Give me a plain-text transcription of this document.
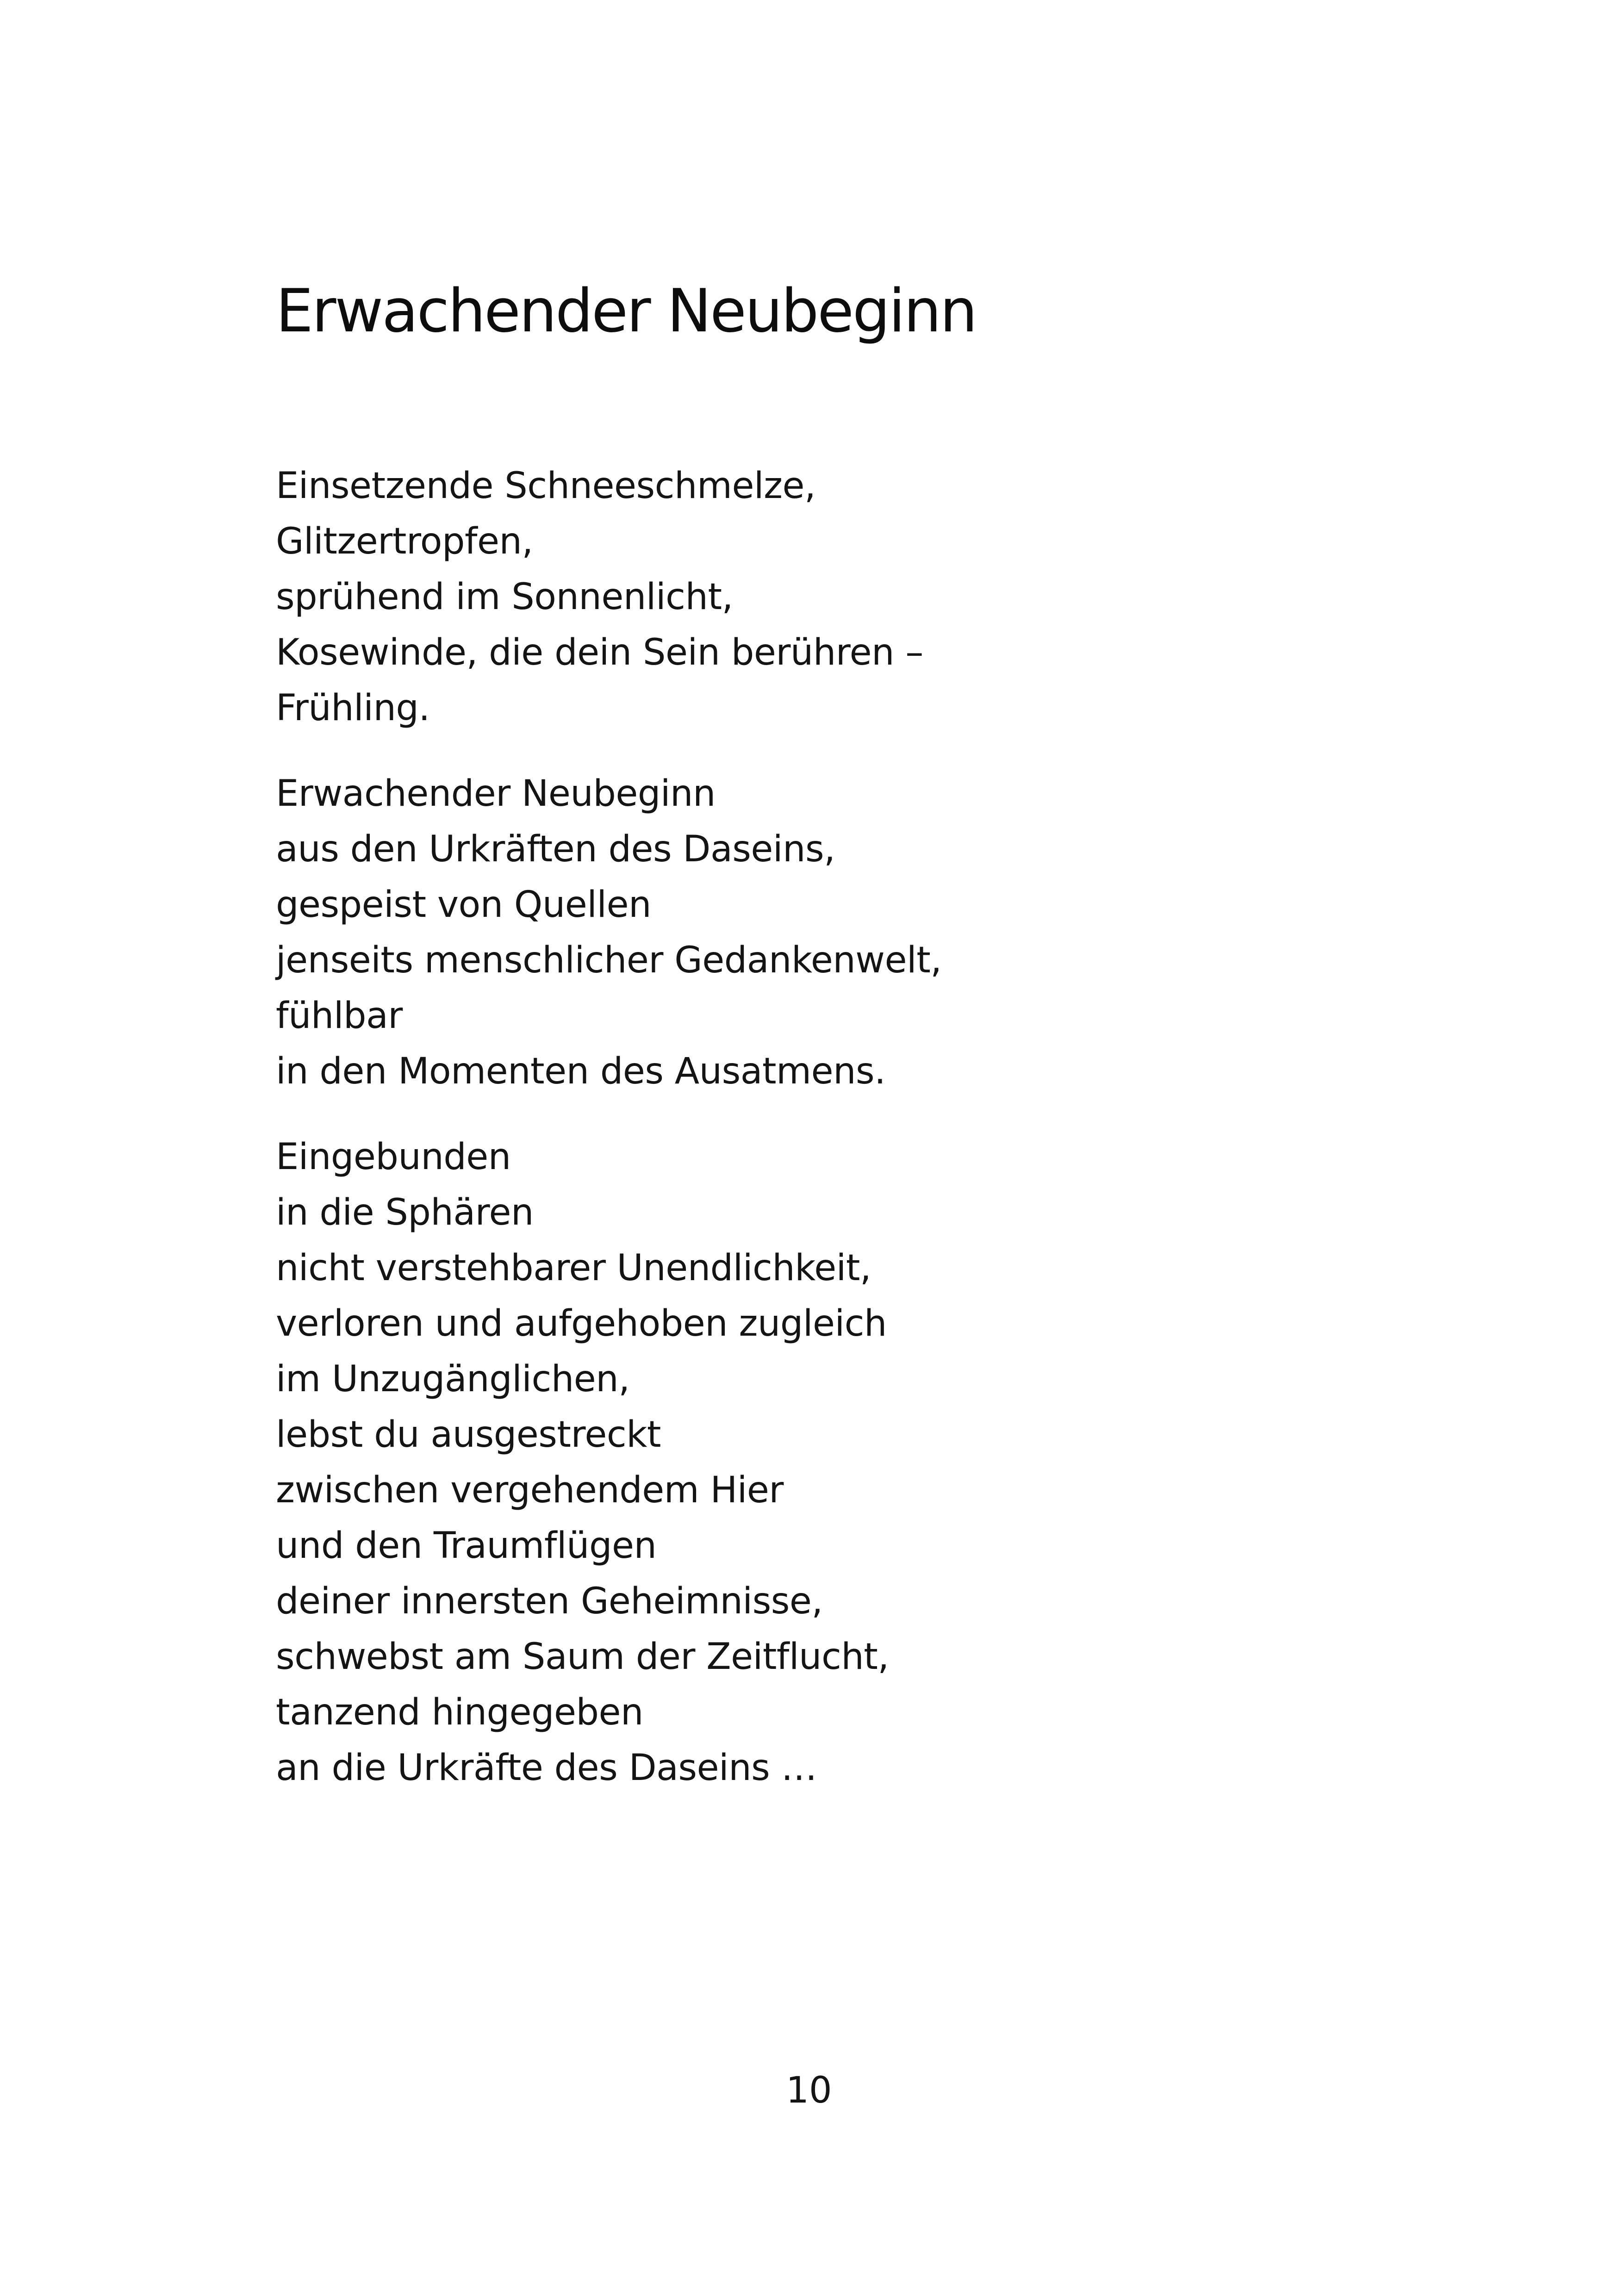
Erwachender Neubeginn
Einsetzende Schneeschmelze,
Glitzertropfen,
sprühend im Sonnenlicht,
Kosewinde, die dein Sein berühren –
Frühling.
Erwachender Neubeginn
aus den Urkräften des Daseins,
gespeist von Quellen
jenseits menschlicher Gedankenwelt,
fühlbar
in den Momenten des Ausatmens.
Eingebunden
in die Sphären
nicht verstehbarer Unendlichkeit,
verloren und aufgehoben zugleich
im Unzugänglichen,
lebst du ausgestreckt
zwischen vergehendem Hier
und den Traumflügen
deiner innersten Geheimnisse,
schwebst am Saum der Zeitflucht,
tanzend hingegeben
an die Urkräfte des Daseins …
10
